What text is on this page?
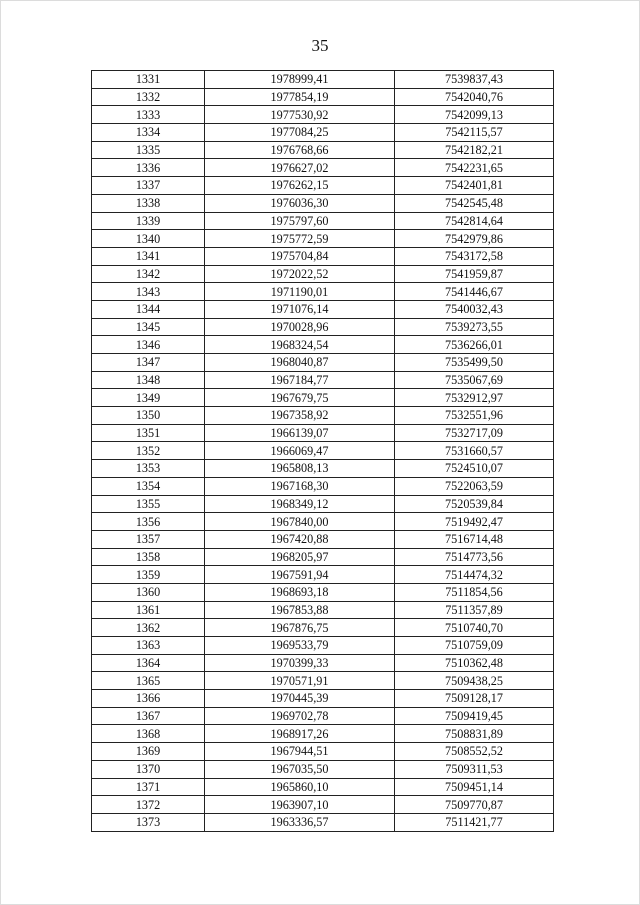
35
1331	1978999,41	7539837,43
1332	1977854,19	7542040,76
1333	1977530,92	7542099,13
1334	1977084,25	7542115,57
1335	1976768,66	7542182,21
1336	1976627,02	7542231,65
1337	1976262,15	7542401,81
1338	1976036,30	7542545,48
1339	1975797,60	7542814,64
1340	1975772,59	7542979,86
1341	1975704,84	7543172,58
1342	1972022,52	7541959,87
1343	1971190,01	7541446,67
1344	1971076,14	7540032,43
1345	1970028,96	7539273,55
1346	1968324,54	7536266,01
1347	1968040,87	7535499,50
1348	1967184,77	7535067,69
1349	1967679,75	7532912,97
1350	1967358,92	7532551,96
1351	1966139,07	7532717,09
1352	1966069,47	7531660,57
1353	1965808,13	7524510,07
1354	1967168,30	7522063,59
1355	1968349,12	7520539,84
1356	1967840,00	7519492,47
1357	1967420,88	7516714,48
1358	1968205,97	7514773,56
1359	1967591,94	7514474,32
1360	1968693,18	7511854,56
1361	1967853,88	7511357,89
1362	1967876,75	7510740,70
1363	1969533,79	7510759,09
1364	1970399,33	7510362,48
1365	1970571,91	7509438,25
1366	1970445,39	7509128,17
1367	1969702,78	7509419,45
1368	1968917,26	7508831,89
1369	1967944,51	7508552,52
1370	1967035,50	7509311,53
1371	1965860,10	7509451,14
1372	1963907,10	7509770,87
1373	1963336,57	7511421,77
